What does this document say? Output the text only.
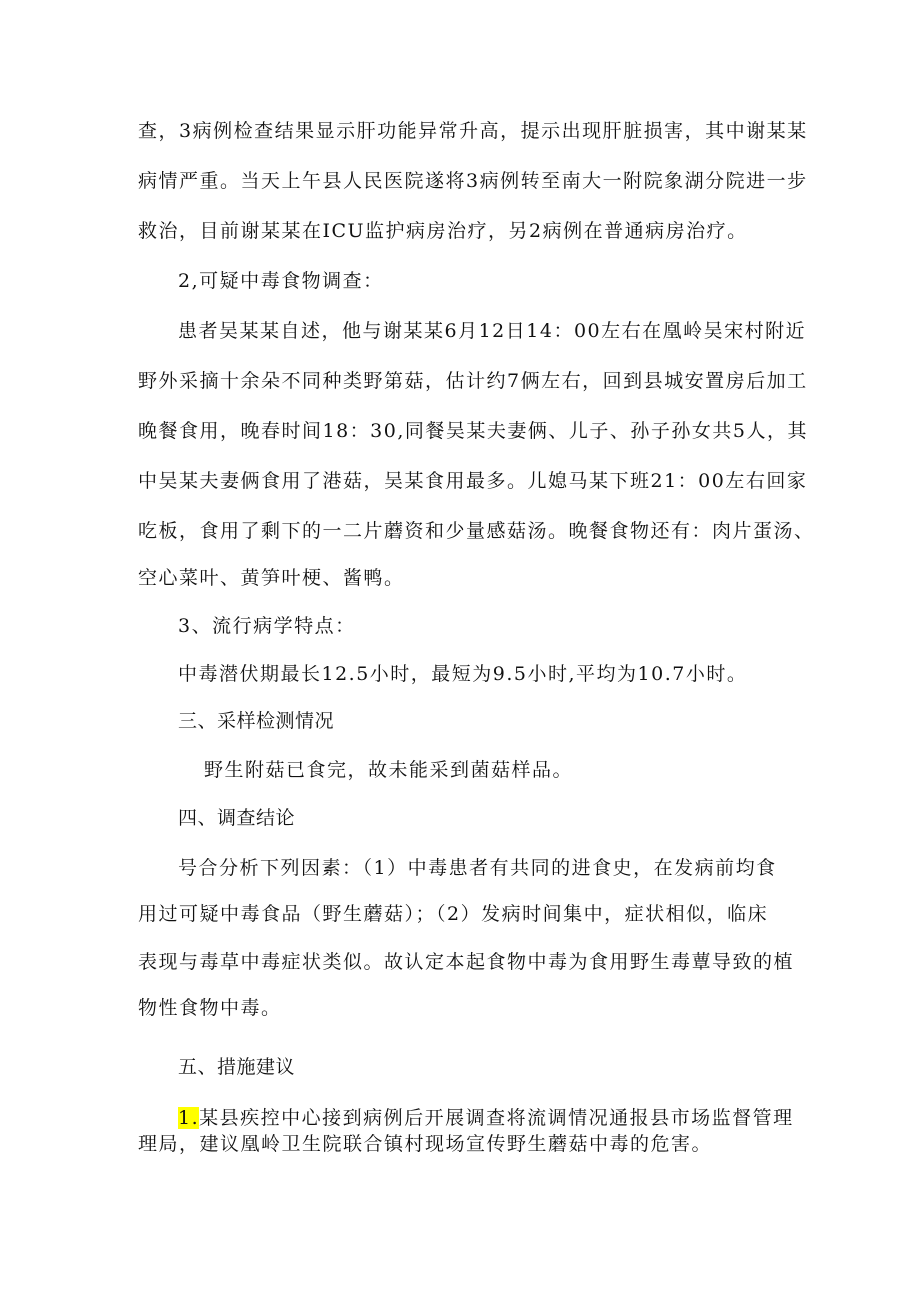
查，3病例检查结果显示肝功能异常升高，提示出现肝脏损害，其中谢某某
病情严重。当天上午县人民医院遂将3病例转至南大一附院象湖分院进一步
救治，目前谢某某在ICU监护病房治疗，另2病例在普通病房治疗。
2,可疑中毒食物调查：
患者吴某某自述，他与谢某某6月12日14：00左右在凰岭吴宋村附近
野外采摘十余朵不同种类野第菇，估计约7俩左右，回到县城安置房后加工
晚餐食用，晚春时间18：30,同餐吴某夫妻俩、儿子、孙子孙女共5人，其
中吴某夫妻俩食用了港菇，吴某食用最多。儿媳马某下班21：00左右回家
吃板，食用了剩下的一二片蘑资和少量感菇汤。晚餐食物还有：肉片蛋汤、
空心菜叶、黄笋叶梗、酱鸭。
3、流行病学特点：
中毒潜伏期最长12.5小时，最短为9.5小时,平均为10.7小时。
三、采样检测情况
野生附菇已食完，故未能采到菌菇样品。
四、调查结论
号合分析下列因素：（1）中毒患者有共同的进食史，在发病前均食
用过可疑中毒食品（野生蘑菇）；（2）发病时间集中，症状相似，临床
表现与毒草中毒症状类似。故认定本起食物中毒为食用野生毒蕈导致的植
物性食物中毒。
五、措施建议
1.某县疾控中心接到病例后开展调查将流调情况通报县市场监督管理
理局，建议凰岭卫生院联合镇村现场宣传野生蘑菇中毒的危害。
